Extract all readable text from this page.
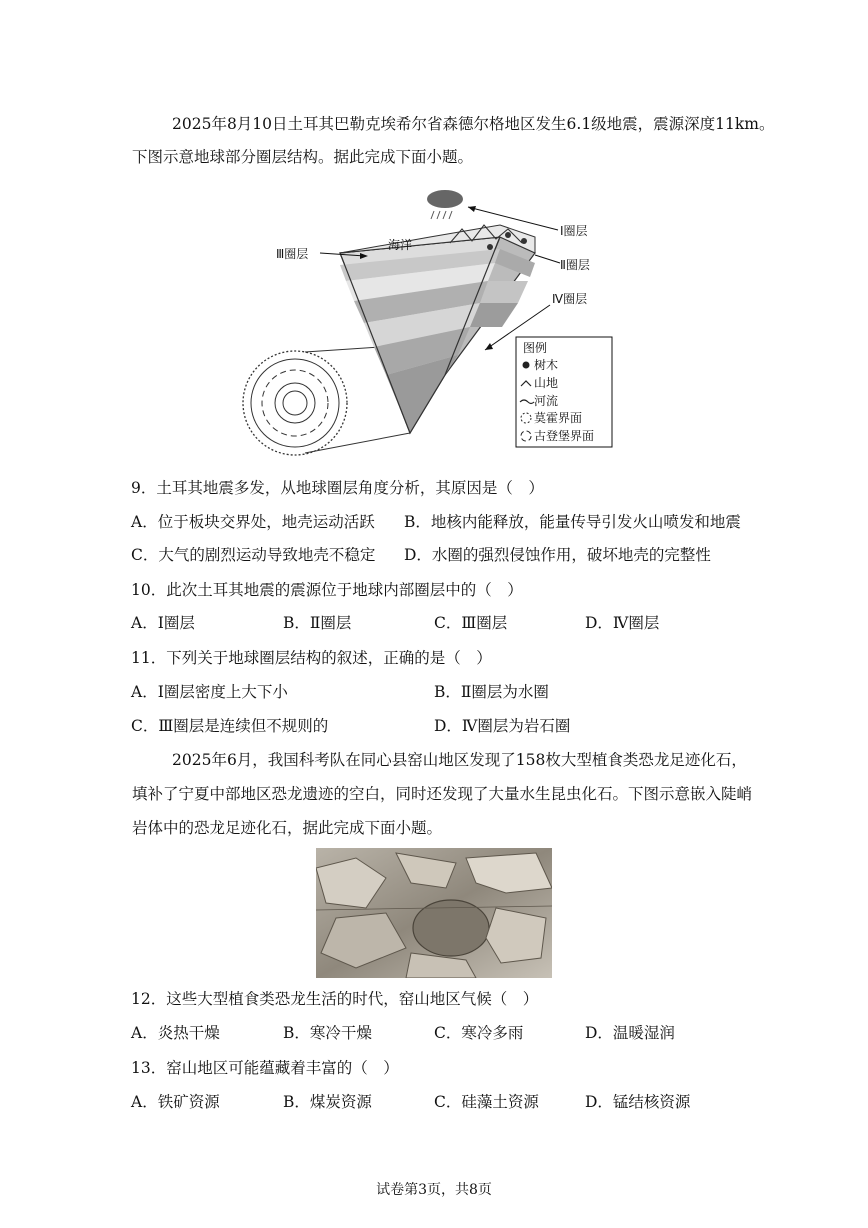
2025年8月10日土耳其巴勒克埃希尔省森德尔格地区发生6.1级地震，震源深度11km。
下图示意地球部分圈层结构。据此完成下面小题。
海洋
Ⅰ圈层
Ⅱ圈层
Ⅲ圈层
Ⅳ圈层
图例
树木
山地
河流
莫霍界面
古登堡界面
9．土耳其地震多发，从地球圈层角度分析，其原因是（　）
A．位于板块交界处，地壳运动活跃 B．地核内能释放，能量传导引发火山喷发和地震
C．大气的剧烈运动导致地壳不稳定 D．水圈的强烈侵蚀作用，破坏地壳的完整性
10．此次土耳其地震的震源位于地球内部圈层中的（　）
A．Ⅰ圈层	B．Ⅱ圈层	C．Ⅲ圈层	D．Ⅳ圈层
11．下列关于地球圈层结构的叙述，正确的是（　）
A．Ⅰ圈层密度上大下小	B．Ⅱ圈层为水圈
C．Ⅲ圈层是连续但不规则的	D．Ⅳ圈层为岩石圈
2025年6月，我国科考队在同心县窑山地区发现了158枚大型植食类恐龙足迹化石，
填补了宁夏中部地区恐龙遗迹的空白，同时还发现了大量水生昆虫化石。下图示意嵌入陡峭
岩体中的恐龙足迹化石，据此完成下面小题。
12．这些大型植食类恐龙生活的时代，窑山地区气候（　）
A．炎热干燥	B．寒冷干燥	C．寒冷多雨	D．温暖湿润
13．窑山地区可能蕴藏着丰富的（　）
A．铁矿资源	B．煤炭资源	C．硅藻土资源	D．锰结核资源
试卷第3页，共8页
